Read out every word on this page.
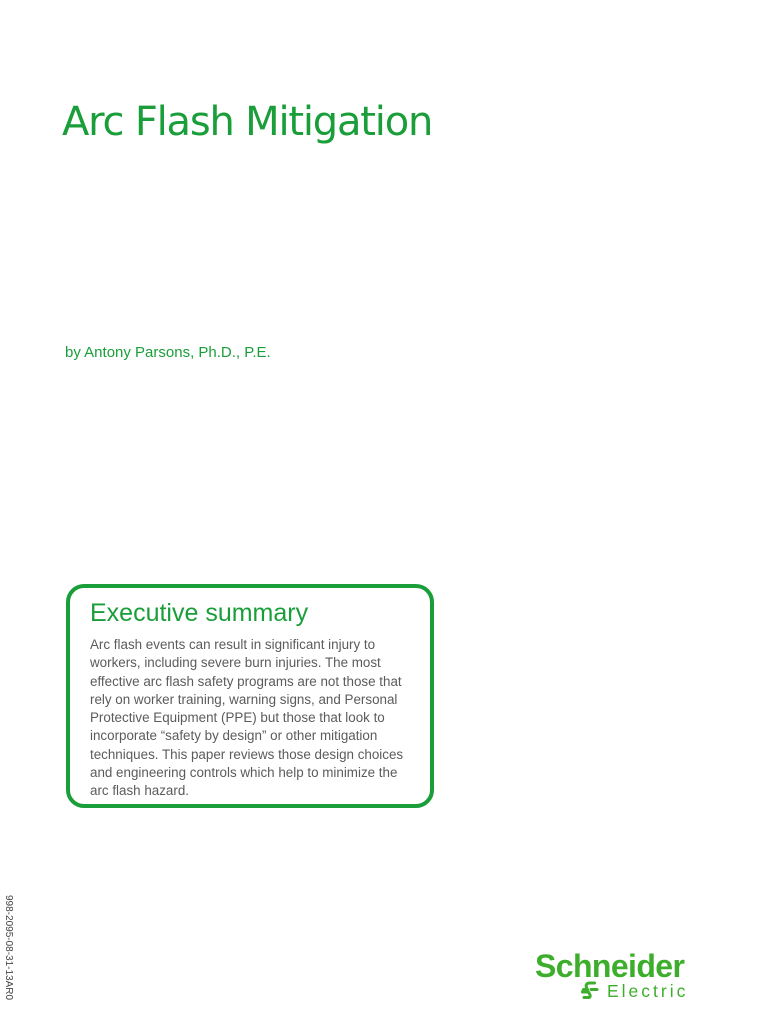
Arc Flash Mitigation
by Antony Parsons, Ph.D., P.E.
Executive summary

Arc flash events can result in significant injury to workers, including severe burn injuries. The most effective arc flash safety programs are not those that rely on worker training, warning signs, and Personal Protective Equipment (PPE) but those that look to incorporate “safety by design” or other mitigation techniques. This paper reviews those design choices and engineering controls which help to minimize the arc flash hazard.

998-2095-08-31-13AR0	Schneider
Electric
